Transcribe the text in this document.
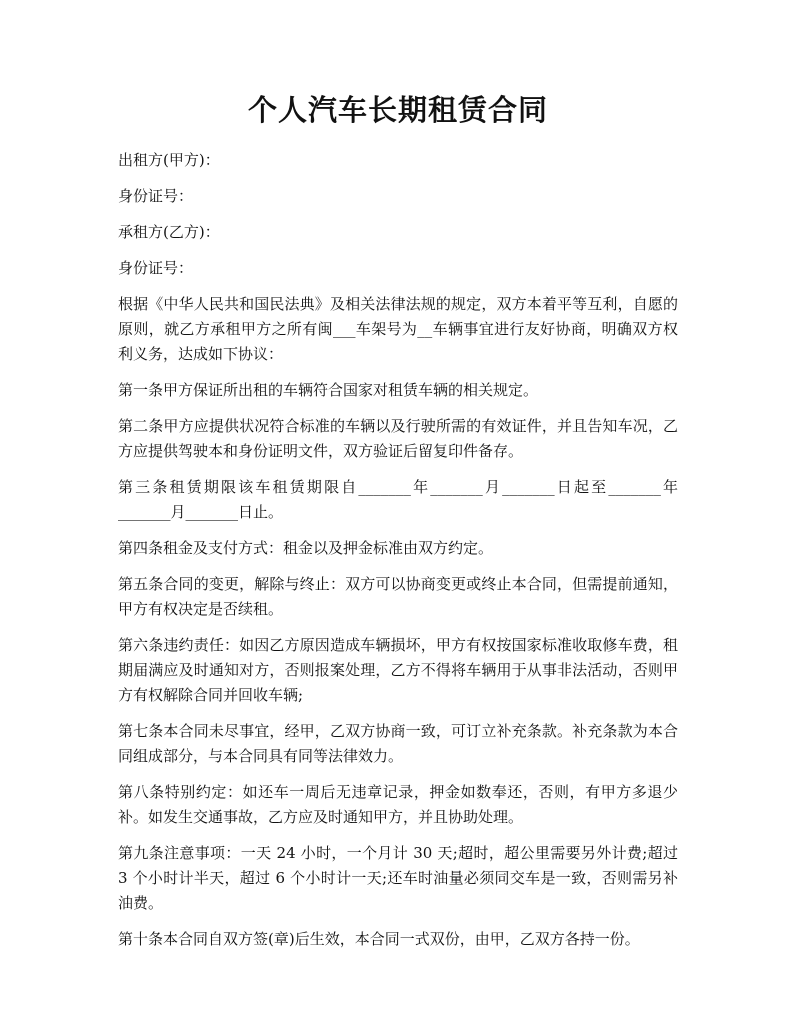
个人汽车长期租赁合同

出租方(甲方)：

身份证号：

承租方(乙方)：

身份证号：

根据《中华人民共和国民法典》及相关法律法规的规定，双方本着平等互利，自愿的原则，就乙方承租甲方之所有闽___车架号为__车辆事宜进行友好协商，明确双方权利义务，达成如下协议：

第一条甲方保证所出租的车辆符合国家对租赁车辆的相关规定。

第二条甲方应提供状况符合标准的车辆以及行驶所需的有效证件，并且告知车况，乙方应提供驾驶本和身份证明文件，双方验证后留复印件备存。

第三条租赁期限该车租赁期限自_______年_______月_______日起至_______年_______月_______日止。

第四条租金及支付方式：租金以及押金标准由双方约定。

第五条合同的变更，解除与终止：双方可以协商变更或终止本合同，但需提前通知，甲方有权决定是否续租。

第六条违约责任：如因乙方原因造成车辆损坏，甲方有权按国家标准收取修车费，租期届满应及时通知对方，否则报案处理，乙方不得将车辆用于从事非法活动，否则甲方有权解除合同并回收车辆;

第七条本合同未尽事宜，经甲，乙双方协商一致，可订立补充条款。补充条款为本合同组成部分，与本合同具有同等法律效力。

第八条特别约定：如还车一周后无违章记录，押金如数奉还，否则，有甲方多退少补。如发生交通事故，乙方应及时通知甲方，并且协助处理。

第九条注意事项：一天 24 小时，一个月计 30 天;超时，超公里需要另外计费;超过 3 个小时计半天，超过 6 个小时计一天;还车时油量必须同交车是一致，否则需另补油费。

第十条本合同自双方签(章)后生效，本合同一式双份，由甲，乙双方各持一份。
